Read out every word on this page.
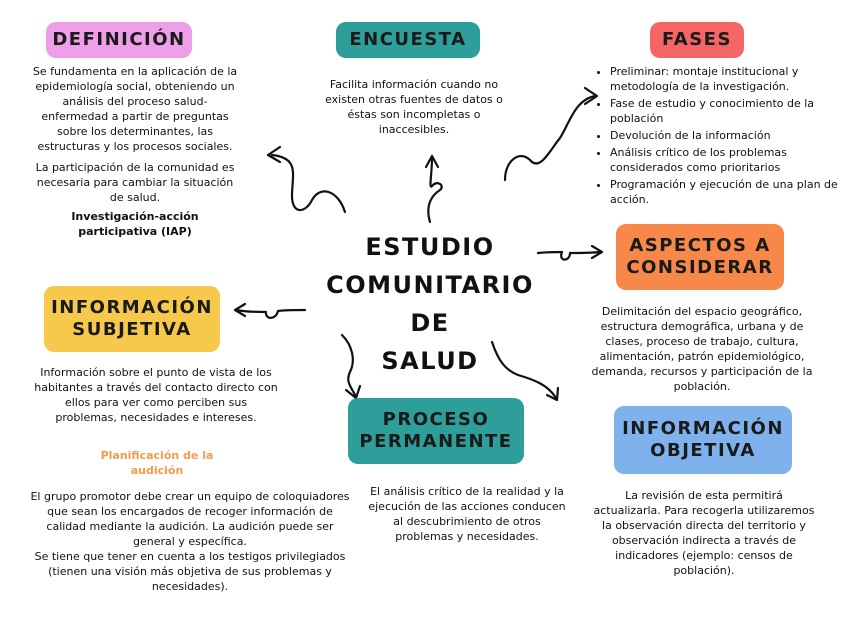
ESTUDIO
COMUNITARIO DE
SALUD
DEFINICIÓN

Se fundamenta en la aplicación de la epidemiología social, obteniendo un análisis del proceso salud-enfermedad a partir de preguntas sobre los determinantes, las estructuras y los procesos sociales.

La participación de la comunidad es necesaria para cambiar la situación de salud.

Investigación-acción participativa (IAP)

ENCUESTA
Facilita información cuando no existen otras fuentes de datos o éstas son incompletas o inaccesibles.
FASES
• Preliminar: montaje institucional y metodología de la investigación.
• Fase de estudio y conocimiento de la población
• Devolución de la información
• Análisis crítico de los problemas considerados como prioritarios
• Programación y ejecución de una plan de acción.
ASPECTOS A
CONSIDERAR
Delimitación del espacio geográfico, estructura demográfica, urbana y de clases, proceso de trabajo, cultura, alimentación, patrón epidemiológico, demanda, recursos y participación de la población.
INFORMACIÓN
SUBJETIVA
Información sobre el punto de vista de los habitantes a través del contacto directo con ellos para ver como perciben sus problemas, necesidades e intereses.
Planificación de la audición

El grupo promotor debe crear un equipo de coloquiadores que sean los encargados de recoger información de calidad mediante la audición. La audición puede ser general y específica.

Se tiene que tener en cuenta a los testigos privilegiados (tienen una visión más objetiva de sus problemas y necesidades).

PROCESO
PERMANENTE
El análisis crítico de la realidad y la ejecución de las acciones conducen al descubrimiento de otros problemas y necesidades.
INFORMACIÓN
OBJETIVA
La revisión de esta permitirá actualizarla. Para recogerla utilizaremos la observación directa del territorio y observación indirecta a través de indicadores (ejemplo: censos de población).
